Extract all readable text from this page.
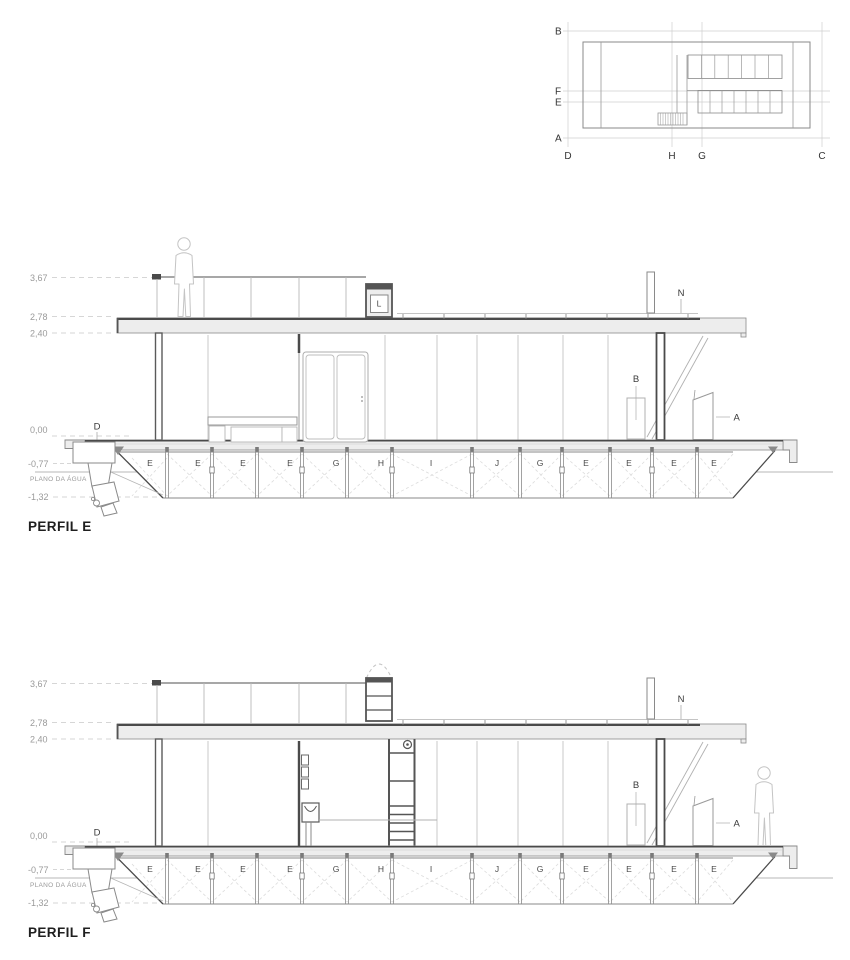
B
F
E
A
D	H G	C
3,67
2,78
2,40
0,00
-0,77
PLANO DA ÁGUA
-1,32
N
B
A
D
E	E	E	E	G	H	I	J	G	E	E	E	E
L
PERFIL E
PERFIL F
